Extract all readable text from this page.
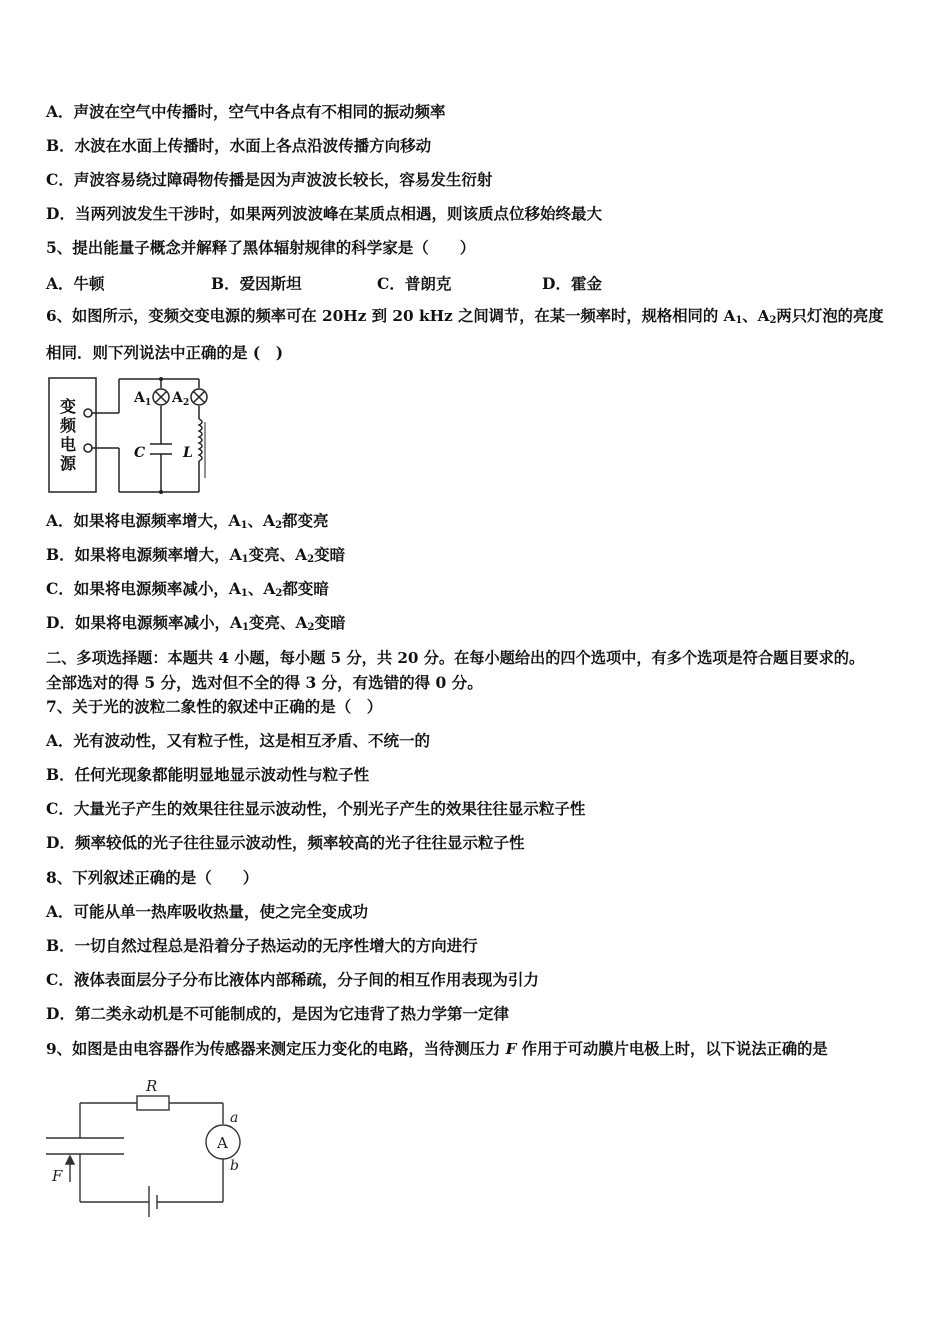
A．声波在空气中传播时，空气中各点有不相同的振动频率
B．水波在水面上传播时，水面上各点沿波传播方向移动
C．声波容易绕过障碍物传播是因为声波波长较长，容易发生衍射
D．当两列波发生干涉时，如果两列波波峰在某质点相遇，则该质点位移始终最大
5、提出能量子概念并解释了黑体辐射规律的科学家是（　　）
A．牛顿	B．爱因斯坦	C．普朗克	D．霍金
6、如图所示，变频交变电源的频率可在 20Hz 到 20 kHz 之间调节，在某一频率时，规格相同的 $A_1$、$A_2$两只灯泡的亮度
相同．则下列说法中正确的是 (　)
变
频
电
源
A 1 A 2
C	L
A．如果将电源频率增大，$A_1$、$A_2$都变亮
B．如果将电源频率增大，$A_1$变亮、$A_2$变暗
C．如果将电源频率减小，$A_1$、$A_2$都变暗
D．如果将电源频率减小，$A_1$变亮、$A_2$变暗
二、多项选择题：本题共 4 小题，每小题 5 分，共 20 分。在每小题给出的四个选项中，有多个选项是符合题目要求的。
全部选对的得 5 分，选对但不全的得 3 分，有选错的得 0 分。
7、关于光的波粒二象性的叙述中正确的是（　）
A．光有波动性，又有粒子性，这是相互矛盾、不统一的
B．任何光现象都能明显地显示波动性与粒子性
C．大量光子产生的效果往往显示波动性，个别光子产生的效果往往显示粒子性
D．频率较低的光子往往显示波动性，频率较高的光子往往显示粒子性
8、下列叙述正确的是（　　）
A．可能从单一热库吸收热量，使之完全变成功
B．一切自然过程总是沿着分子热运动的无序性增大的方向进行
C．液体表面层分子分布比液体内部稀疏，分子间的相互作用表现为引力
D．第二类永动机是不可能制成的，是因为它违背了热力学第一定律
9、如图是由电容器作为传感器来测定压力变化的电路，当待测压力 F 作用于可动膜片电极上时，以下说法正确的是
R
A
a
b
F
